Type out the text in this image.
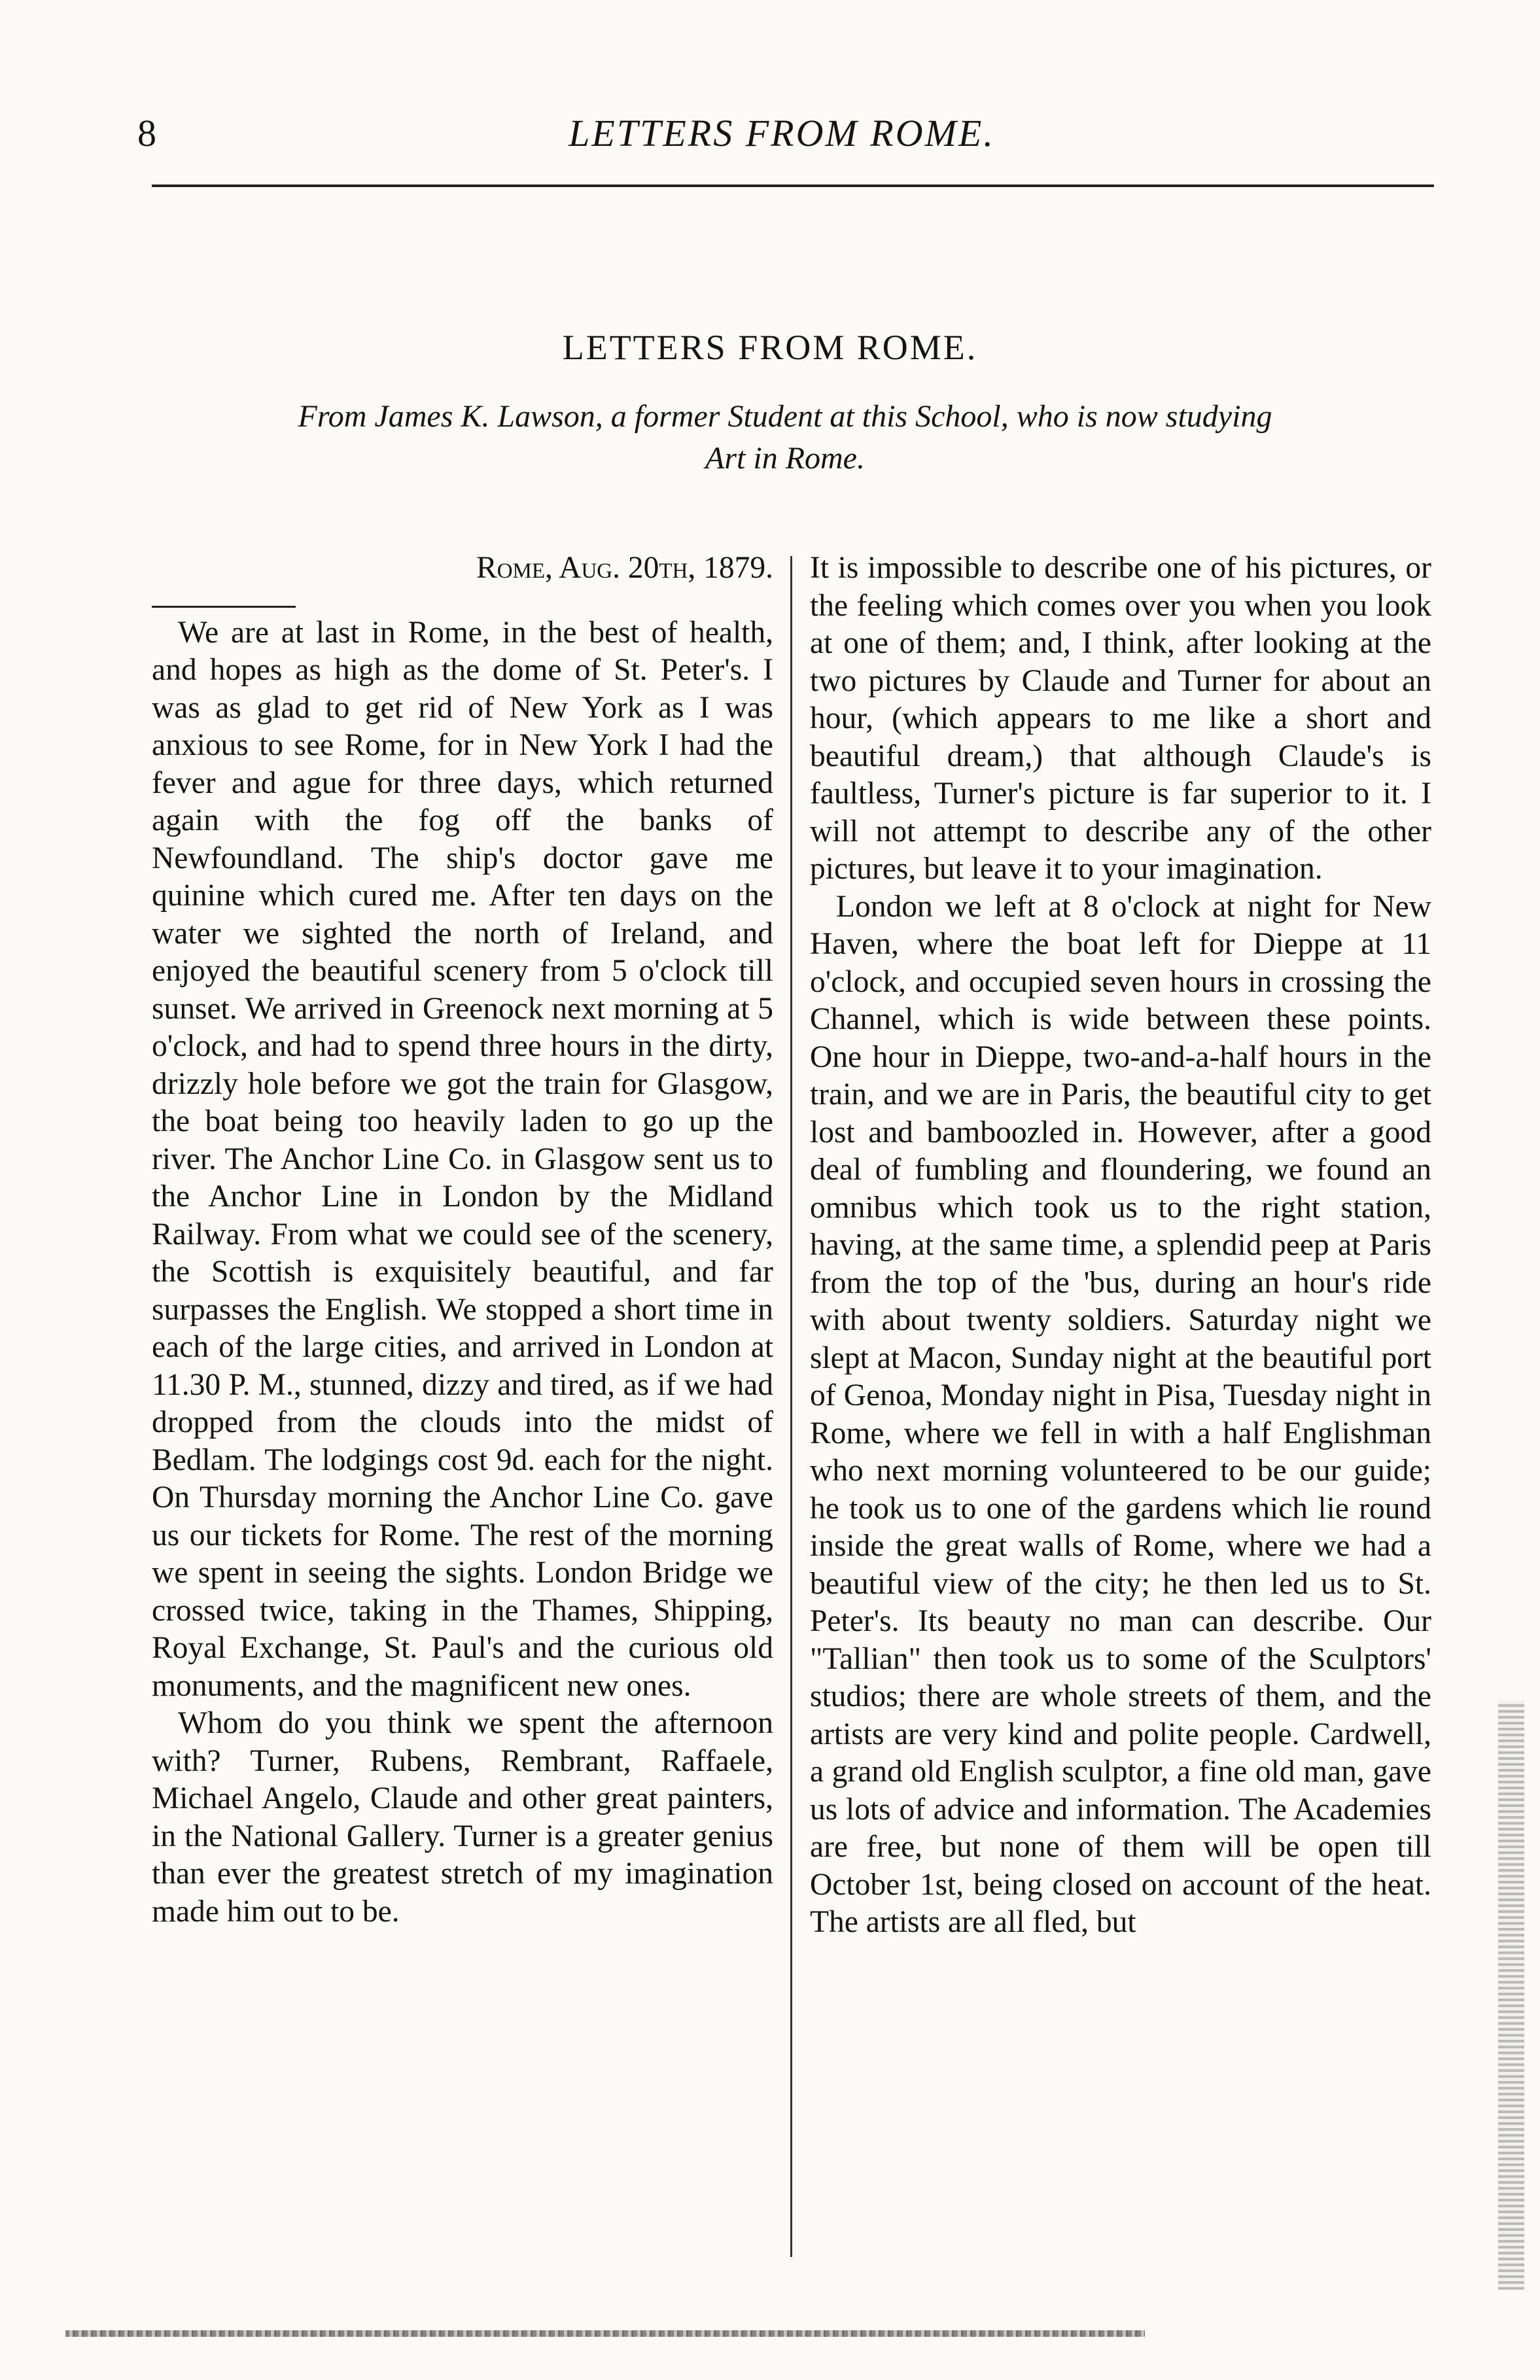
8	LETTERS FROM ROME.
LETTERS FROM ROME.
From James K. Lawson, a former Student at this School, who is now studying
Art in Rome.

Rome, Aug. 20th, 1879.

We are at last in Rome, in the best of health, and hopes as high as the dome of St. Peter's. I was as glad to get rid of New York as I was anxious to see Rome, for in New York I had the fever and ague for three days, which returned again with the fog off the banks of Newfoundland. The ship's doctor gave me quinine which cured me. After ten days on the water we sighted the north of Ireland, and enjoyed the beautiful scenery from 5 o'clock till sunset. We arrived in Greenock next morning at 5 o'clock, and had to spend three hours in the dirty, drizzly hole before we got the train for Glasgow, the boat being too heavily laden to go up the river. The Anchor Line Co. in Glasgow sent us to the Anchor Line in London by the Midland Railway. From what we could see of the scenery, the Scottish is exquisitely beautiful, and far surpasses the English. We stopped a short time in each of the large cities, and arrived in London at 11.30 P. M., stunned, dizzy and tired, as if we had dropped from the clouds into the midst of Bedlam. The lodgings cost 9d. each for the night. On Thursday morning the Anchor Line Co. gave us our tickets for Rome. The rest of the morning we spent in seeing the sights. London Bridge we crossed twice, taking in the Thames, Shipping, Royal Exchange, St. Paul's and the curious old monuments, and the magnificent new ones.

Whom do you think we spent the afternoon with? Turner, Rubens, Rembrant, Raffaele, Michael Angelo, Claude and other great painters, in the National Gallery. Turner is a greater genius than ever the greatest stretch of my imagination made him out to be.

It is impossible to describe one of his pictures, or the feeling which comes over you when you look at one of them; and, I think, after looking at the two pictures by Claude and Turner for about an hour, (which appears to me like a short and beautiful dream,) that although Claude's is faultless, Turner's picture is far superior to it. I will not attempt to describe any of the other pictures, but leave it to your imagination.

London we left at 8 o'clock at night for New Haven, where the boat left for Dieppe at 11 o'clock, and occupied seven hours in crossing the Channel, which is wide between these points. One hour in Dieppe, two-and-a-half hours in the train, and we are in Paris, the beautiful city to get lost and bamboozled in. However, after a good deal of fumbling and floundering, we found an omnibus which took us to the right station, having, at the same time, a splendid peep at Paris from the top of the 'bus, during an hour's ride with about twenty soldiers. Saturday night we slept at Macon, Sunday night at the beautiful port of Genoa, Monday night in Pisa, Tuesday night in Rome, where we fell in with a half Englishman who next morning volunteered to be our guide; he took us to one of the gardens which lie round inside the great walls of Rome, where we had a beautiful view of the city; he then led us to St. Peter's. Its beauty no man can describe. Our "Tallian" then took us to some of the Sculptors' studios; there are whole streets of them, and the artists are very kind and polite people. Cardwell, a grand old English sculptor, a fine old man, gave us lots of advice and information. The Academies are free, but none of them will be open till October 1st, being closed on account of the heat. The artists are all fled, but
